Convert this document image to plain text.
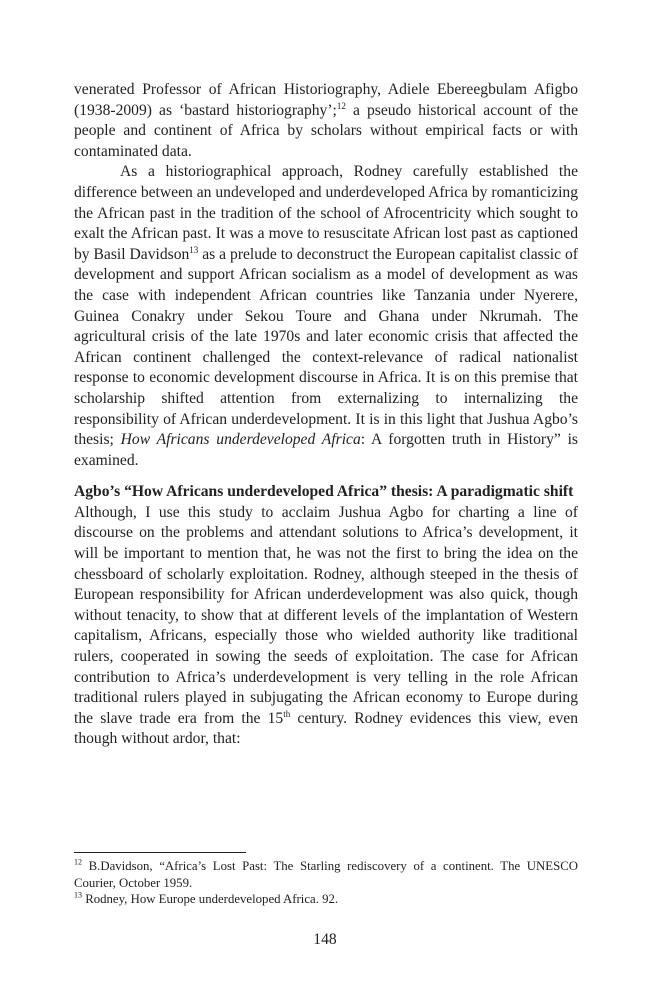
venerated Professor of African Historiography, Adiele Ebereegbulam Afigbo (1938-2009) as ‘bastard historiography’;$^{12}$ a pseudo historical account of the people and continent of Africa by scholars without empirical facts or with contaminated data.

As a historiographical approach, Rodney carefully established the difference between an undeveloped and underdeveloped Africa by romanticizing the African past in the tradition of the school of Afrocentricity which sought to exalt the African past. It was a move to resuscitate African lost past as captioned by Basil Davidson$^{13}$ as a prelude to deconstruct the European capitalist classic of development and support African socialism as a model of development as was the case with independent African countries like Tanzania under Nyerere, Guinea Conakry under Sekou Toure and Ghana under Nkrumah. The agricultural crisis of the late 1970s and later economic crisis that affected the African continent challenged the context-relevance of radical nationalist response to economic development discourse in Africa. It is on this premise that scholarship shifted attention from externalizing to internalizing the responsibility of African underdevelopment. It is in this light that Jushua Agbo’s thesis; How Africans underdeveloped Africa: A forgotten truth in History” is examined.

Agbo’s “How Africans underdeveloped Africa” thesis: A paradigmatic shift

Although, I use this study to acclaim Jushua Agbo for charting a line of discourse on the problems and attendant solutions to Africa’s development, it will be important to mention that, he was not the first to bring the idea on the chessboard of scholarly exploitation. Rodney, although steeped in the thesis of European responsibility for African underdevelopment was also quick, though without tenacity, to show that at different levels of the implantation of Western capitalism, Africans, especially those who wielded authority like traditional rulers, cooperated in sowing the seeds of exploitation. The case for African contribution to Africa’s underdevelopment is very telling in the role African traditional rulers played in subjugating the African economy to Europe during the slave trade era from the 15th century. Rodney evidences this view, even though without ardor, that:

$^{12}$ B.Davidson, “Africa’s Lost Past: The Starling rediscovery of a continent. The UNESCO Courier, October 1959.

$^{13}$ Rodney, How Europe underdeveloped Africa. 92.

148
